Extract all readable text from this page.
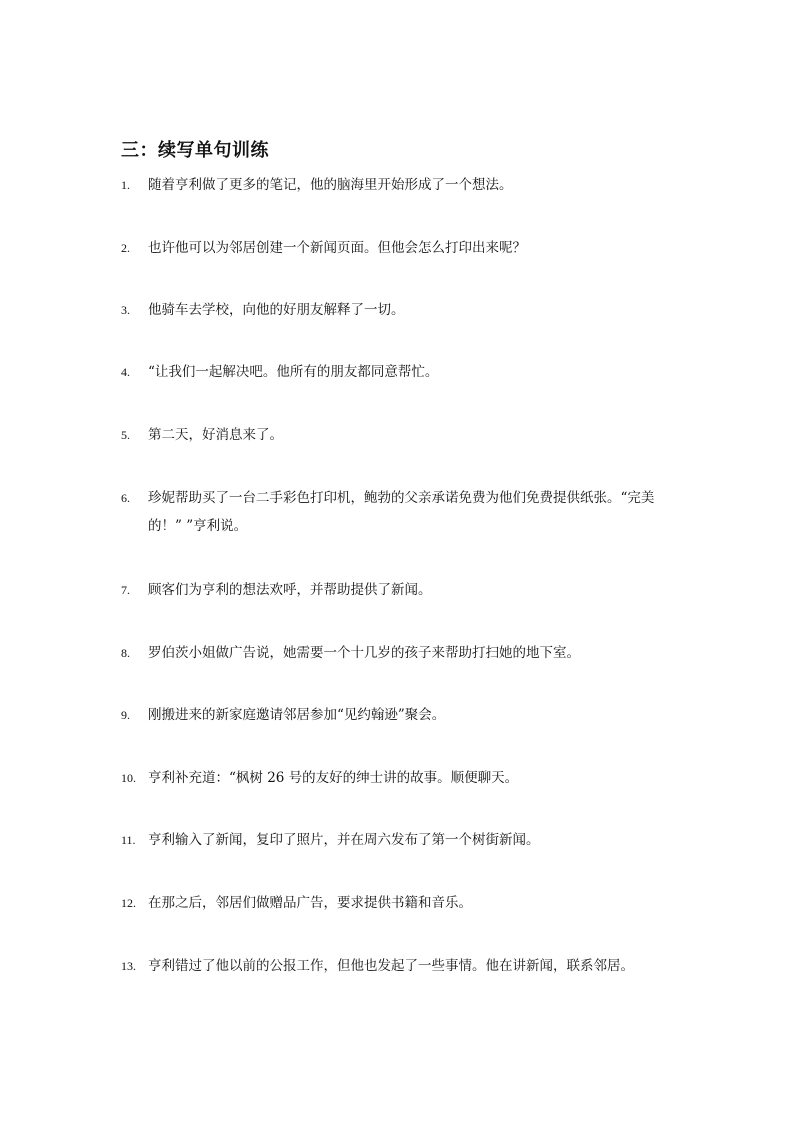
三：续写单句训练
1. 随着亨利做了更多的笔记，他的脑海里开始形成了一个想法。
2. 也许他可以为邻居创建一个新闻页面。但他会怎么打印出来呢？
3. 他骑车去学校，向他的好朋友解释了一切。
4. “让我们一起解决吧。他所有的朋友都同意帮忙。
5. 第二天，好消息来了。
6. 珍妮帮助买了一台二手彩色打印机，鲍勃的父亲承诺免费为他们免费提供纸张。“完美的！” ”亨利说。
7. 顾客们为亨利的想法欢呼，并帮助提供了新闻。
8. 罗伯茨小姐做广告说，她需要一个十几岁的孩子来帮助打扫她的地下室。
9. 刚搬进来的新家庭邀请邻居参加“见约翰逊”聚会。
10. 亨利补充道：“枫树 26 号的友好的绅士讲的故事。顺便聊天。
11. 亨利输入了新闻，复印了照片，并在周六发布了第一个树街新闻。
12. 在那之后，邻居们做赠品广告，要求提供书籍和音乐。
13. 亨利错过了他以前的公报工作，但他也发起了一些事情。他在讲新闻，联系邻居。
